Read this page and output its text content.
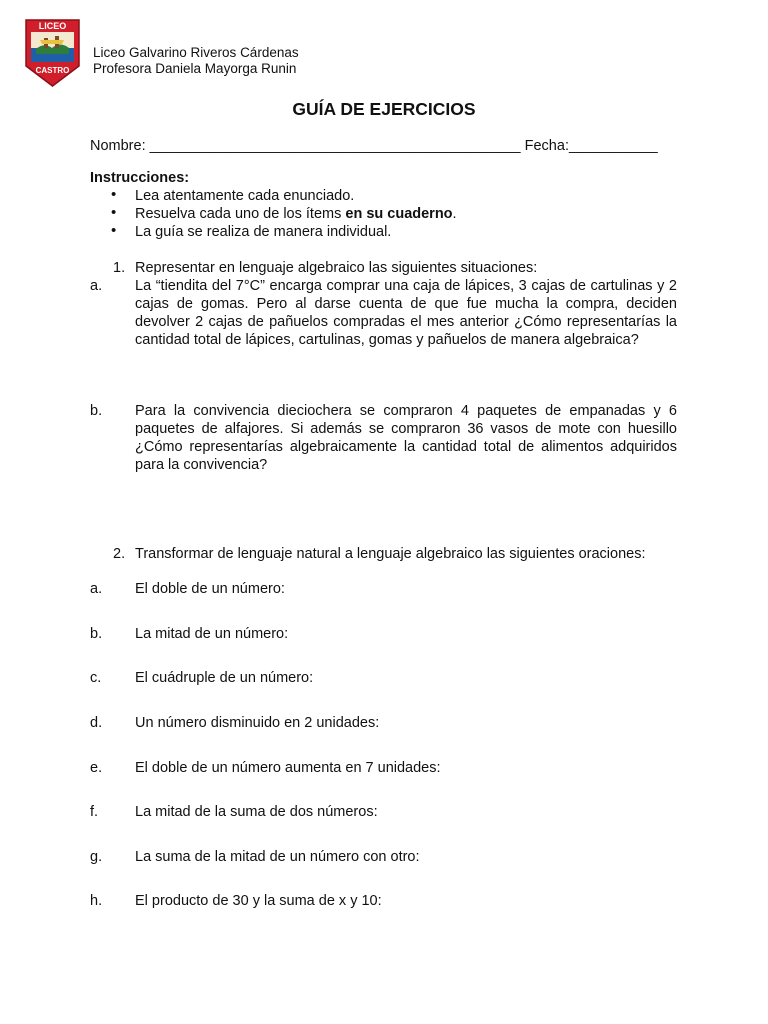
LICEO
CASTRO
Liceo Galvarino Riveros Cárdenas
Profesora Daniela Mayorga Runin
GUÍA DE EJERCICIOS
Nombre: ______________________________________________ Fecha:___________
Instrucciones:
• Lea atentamente cada enunciado.
• Resuelva cada uno de los ítems en su cuaderno.
• La guía se realiza de manera individual.
1. Representar en lenguaje algebraico las siguientes situaciones:
a. La “tiendita del 7°C” encarga comprar una caja de lápices, 3 cajas de cartulinas y 2 cajas de gomas. Pero al darse cuenta de que fue mucha la compra, deciden devolver 2 cajas de pañuelos compradas el mes anterior ¿Cómo representarías la cantidad total de lápices, cartulinas, gomas y pañuelos de manera algebraica?
b. Para la convivencia dieciochera se compraron 4 paquetes de empanadas y 6 paquetes de alfajores. Si además se compraron 36 vasos de mote con huesillo ¿Cómo representarías algebraicamente la cantidad total de alimentos adquiridos para la convivencia?
2. Transformar de lenguaje natural a lenguaje algebraico las siguientes oraciones:
a. El doble de un número:
b. La mitad de un número:
c. El cuádruple de un número:
d. Un número disminuido en 2 unidades:
e. El doble de un número aumenta en 7 unidades:
f.	La mitad de la suma de dos números:
g. La suma de la mitad de un número con otro:
h. El producto de 30 y la suma de x y 10:
